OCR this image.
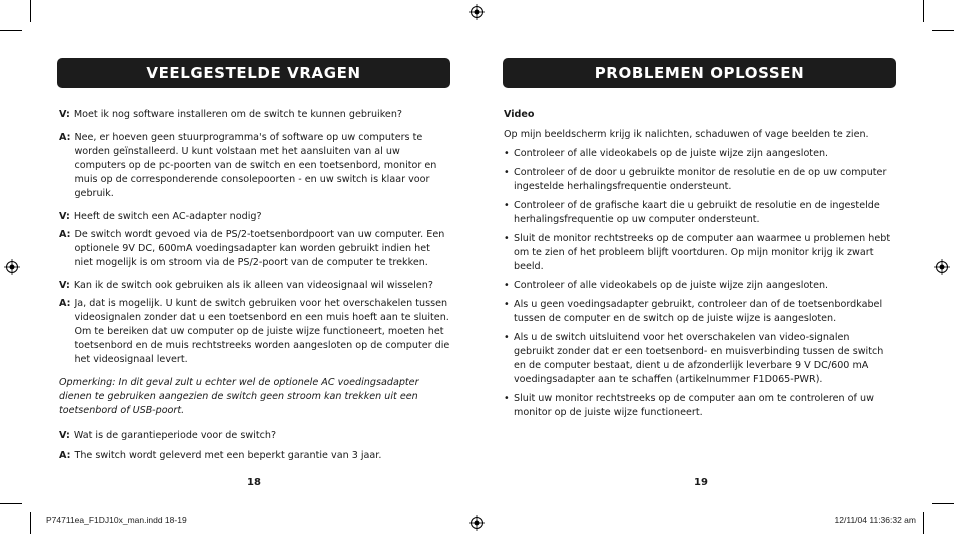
VEELGESTELDE VRAGEN
V: Moet ik nog software installeren om de switch te kunnen gebruiken?
A: Nee, er hoeven geen stuurprogramma's of software op uw computers te worden geïnstalleerd. U kunt volstaan met het aansluiten van al uw computers op de pc-poorten van de switch en een toetsenbord, monitor en muis op de corresponderende consolepoorten - en uw switch is klaar voor gebruik.
V: Heeft de switch een AC-adapter nodig?
A: De switch wordt gevoed via de PS/2-toetsenbordpoort van uw computer. Een optionele 9V DC, 600mA voedingsadapter kan worden gebruikt indien het niet mogelijk is om stroom via de PS/2-poort van de computer te trekken.
V: Kan ik de switch ook gebruiken als ik alleen van videosignaal wil wisselen?
A: Ja, dat is mogelijk. U kunt de switch gebruiken voor het overschakelen tussen videosignalen zonder dat u een toetsenbord en een muis hoeft aan te sluiten. Om te bereiken dat uw computer op de juiste wijze functioneert, moeten het toetsenbord en de muis rechtstreeks worden aangesloten op de computer die het videosignaal levert.
Opmerking: In dit geval zult u echter wel de optionele AC voedingsadapter dienen te gebruiken aangezien de switch geen stroom kan trekken uit een toetsenbord of USB-poort.
V: Wat is de garantieperiode voor de switch?
A: The switch wordt geleverd met een beperkt garantie van 3 jaar.
18
PROBLEMEN OPLOSSEN
Video
Op mijn beeldscherm krijg ik nalichten, schaduwen of vage beelden te zien.
• Controleer of alle videokabels op de juiste wijze zijn aangesloten.
• Controleer of de door u gebruikte monitor de resolutie en de op uw computer ingestelde herhalingsfrequentie ondersteunt.
• Controleer of de grafische kaart die u gebruikt de resolutie en de ingestelde herhalingsfrequentie op uw computer ondersteunt.
• Sluit de monitor rechtstreeks op de computer aan waarmee u problemen hebt om te zien of het probleem blijft voortduren. Op mijn monitor krijg ik zwart beeld.
• Controleer of alle videokabels op de juiste wijze zijn aangesloten.
• Als u geen voedingsadapter gebruikt, controleer dan of de toetsenbordkabel tussen de computer en de switch op de juiste wijze is aangesloten.
• Als u de switch uitsluitend voor het overschakelen van video-signalen gebruikt zonder dat er een toetsenbord- en muisverbinding tussen de switch en de computer bestaat, dient u de afzonderlijk leverbare 9 V DC/600 mA voedingsadapter aan te schaffen (artikelnummer F1D065-PWR).
• Sluit uw monitor rechtstreeks op de computer aan om te controleren of uw monitor op de juiste wijze functioneert.
19
P74711ea_F1DJ10x_man.indd 18-19	12/11/04 11:36:32 am
